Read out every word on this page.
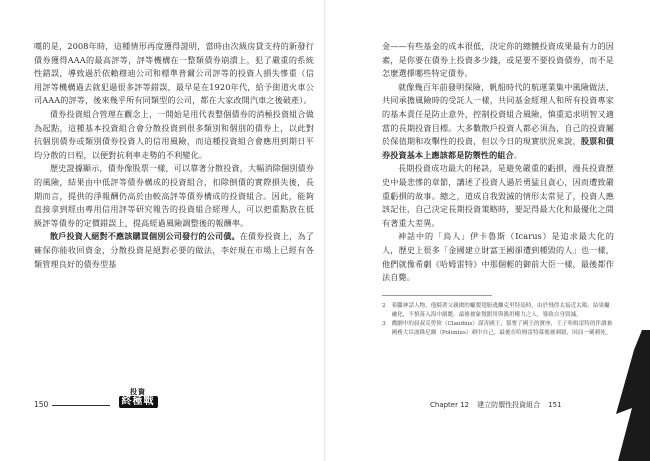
嘆的是，2008年時，這種情形再度獲得證明，當時由次級房貸支持的新發行債券獲得AAA的最高評等，評等機構在一整類債券崩潰上，犯了嚴重的系統性錯誤，導致過於依賴穆迪公司和標準普爾公司評等的投資人損失慘重（信用評等機構過去就犯過很多評等錯誤，最早是在1920年代，給予街道火車公司AAA的評等，後來幾乎所有同類型的公司，都在大家改開汽車之後破產）。

債券投資組合管理在觀念上，一開始是用代表整個債券的消極投資組合做為起點，這種基本投資組合會分散投資到很多類別和個別的債券上，以此對抗個別債券或類別債券投資人的信用風險，而這種投資組合會應用到期日平均分散的日程，以便對抗利率走勢的不利變化。

歷史證據顯示，債券像股票一樣，可以靠著分散投資，大幅消除個別債券的風險，結果由中低評等債券構成的投資組合，扣除倒債的實際損失後，長期而言，提供的淨報酬仍高於由較高評等債券構成的投資組合。因此，能夠直接拿到經由專用信用評等研究報告的投資組合經理人，可以把重點放在低級評等債券的定價錯誤上，提高經過風險調整後的報酬率。

散戶投資人絕對不應該購買個別公司發行的公司債。在債券投資上，為了確保你能收回資金，分散投資是絕對必要的做法，李好現在市場上已經有各類管理良好的債券型基

金——有些基金的成本很低，決定你的總體投資成果最有力的因素，是你要在債券上投資多少錢，或是要不要投資債券，而不是怎麼選擇哪些特定債券。

就像幾百年前發明保險，帆船時代的航運業集中風險做法、共同承擔風險時的受託人一樣，共同基金經理人和所有投資專家的基本責任是防止意外，控制投資組合風險，慎重追求明智又適當的長期投資目標。大多數散戶投資人都必須為，自己的投資屬於保值期和攻擊性的投資，但以今日的現實狀況來說，股票和債券投資基本上應該都是防禦性的組合。

長期投資成功最大的秘訣，是避免嚴重的虧損，漫長投資歷史中最悲慘的章節，講述了投資人過於勇猛且貪心，因而遭致嚴重虧損的故事。總之，道成自我毀滅的情形太常見了，投資人應該記住，自己決定長期投資策略時，要記得最大化和最優化之間有著重大差異。

神話中的「鳥人」伊卡魯斯（Icarus）是追求最大化的人，歷史上很多「金國建立財富王國卻遭到種毀的人」也一樣，他們就像希劇《哈姆雷特》中那個輕的御前大臣一樣，最後都作法自斃。

2 希臘神話人物，他騎著父親做的蠟製翅膀逃離克里特島時，由於飛得太接近太陽，結果蠟融化，不慎落入海中溺斃。最後被象徵錯用與濫用權力之人，導致自身毀滅。

3 戲劇中的叔叔克勞狄（Claudius）謀害國王，篡奪了國王的寶座，王子哈姆雷特的伴讀兼國務大臣波隆尼爾（Polonius）刺中自己，最後在哈姆雷特幕後被刺殺，因而一劍刺死。

150
投資
終極戰	Chapter 12 建立防禦性投資組合 151
